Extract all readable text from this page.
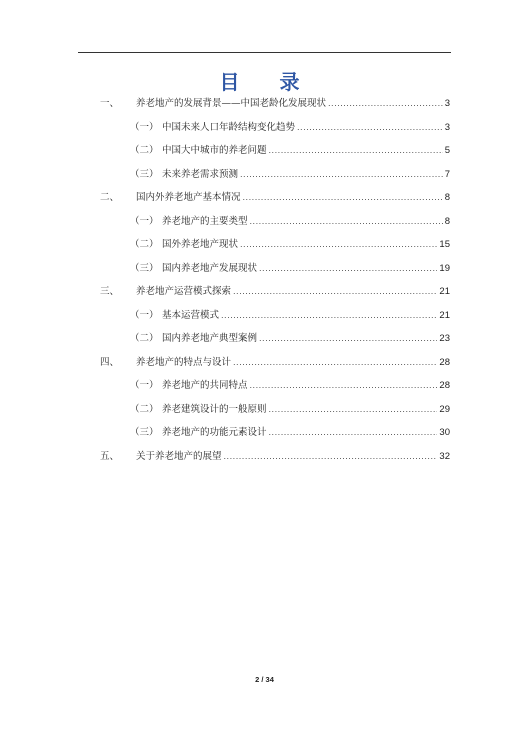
目　录
一、	养老地产的发展背景——中国老龄化发展现状 .....	3
（一） 中国未来人口年龄结构变化趋势 .....	3
（二） 中国大中城市的养老问题 .....	5
（三） 未来养老需求预测 .....	7
二、	国内外养老地产基本情况 .....	8
（一） 养老地产的主要类型 .....	8
（二） 国外养老地产现状 .....	15
（三） 国内养老地产发展现状 .....	19
三、	养老地产运营模式探索 .....	21
（一） 基本运营模式 .....	21
（二） 国内养老地产典型案例 .....	23
四、	养老地产的特点与设计 .....	28
（一） 养老地产的共同特点 .....	28
（二） 养老建筑设计的一般原则 .....	29
（三） 养老地产的功能元素设计 .....	30
五、	关于养老地产的展望 .....	32
2 / 34
